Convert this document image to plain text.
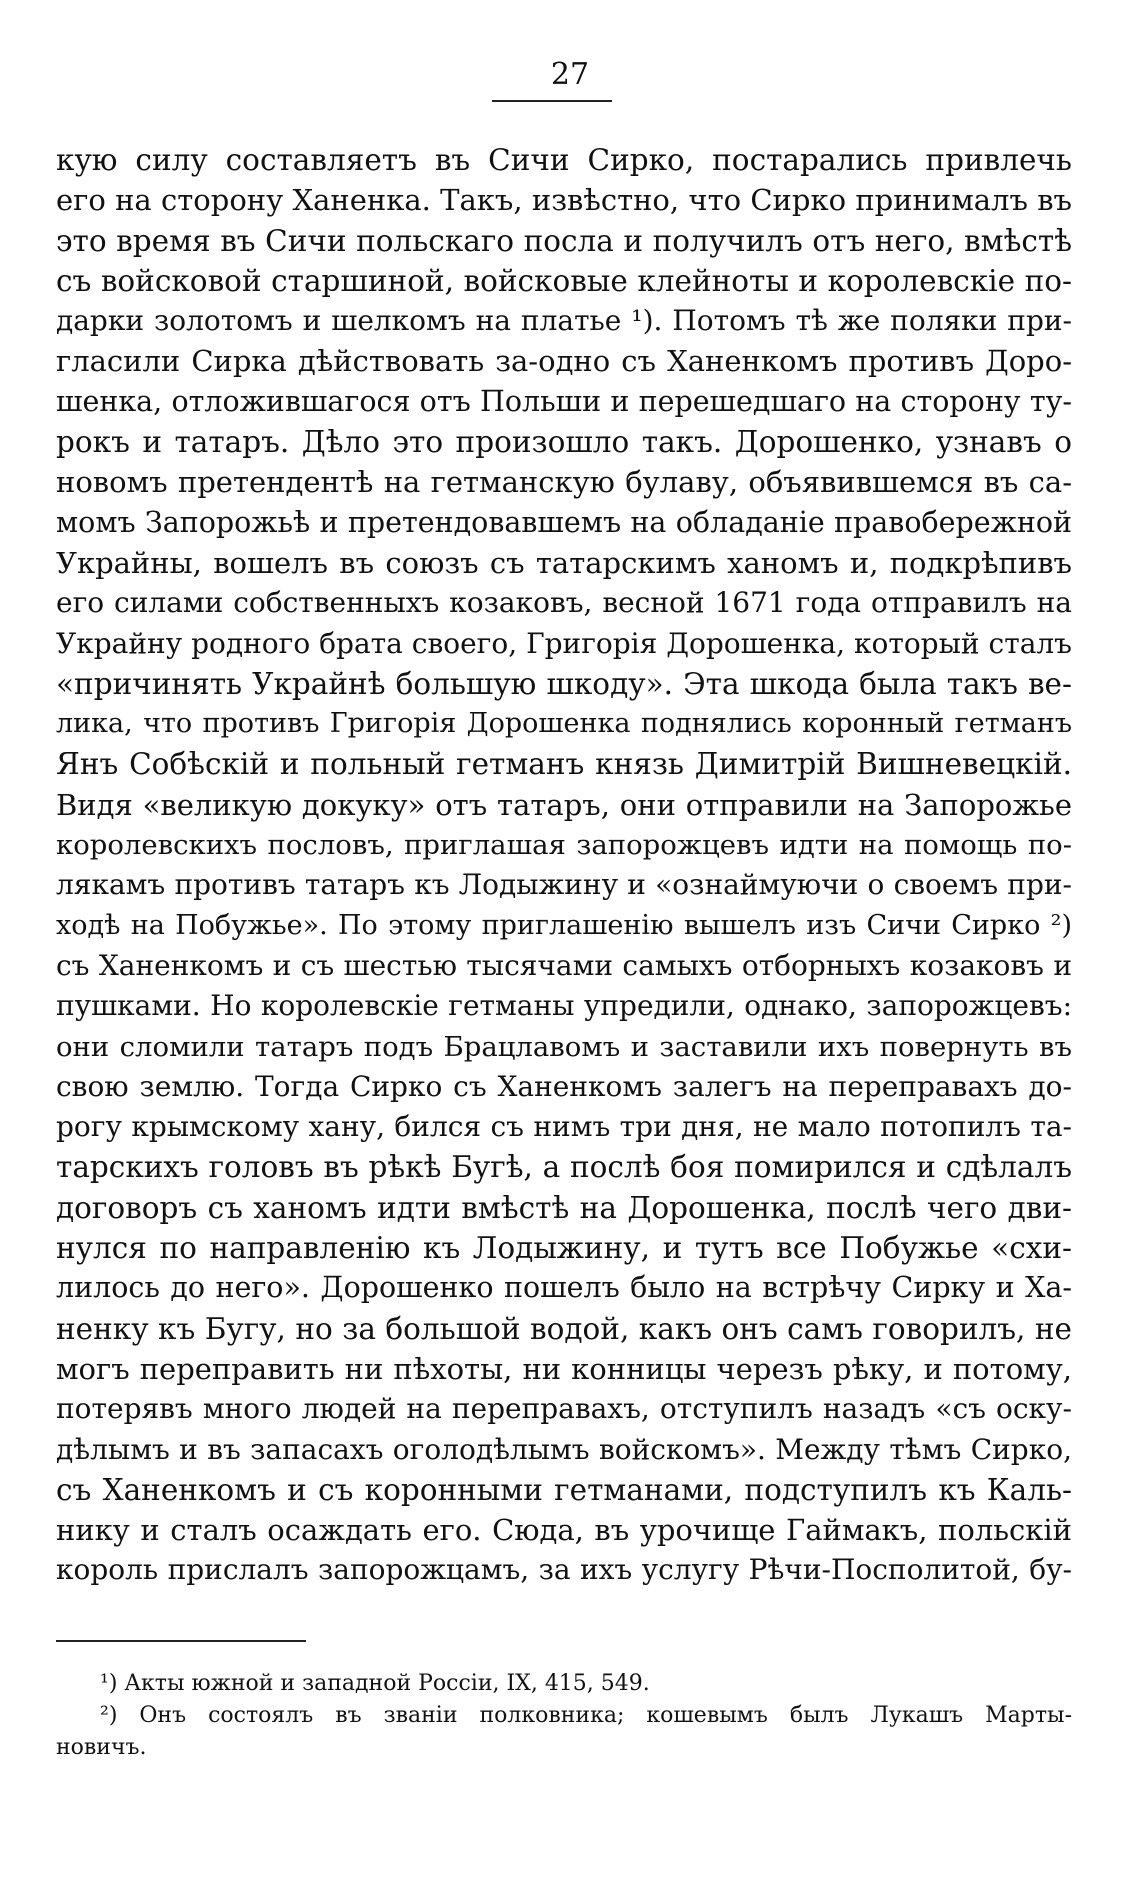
27
кую силу составляетъ въ Сичи Сирко, постарались привлечь
его на сторону Ханенка. Такъ, извѣстно, что Сирко принималъ въ
это время въ Сичи польскаго посла и получилъ отъ него, вмѣстѣ
съ войсковой старшиной, войсковые клейноты и королевскіе по-
дарки золотомъ и шелкомъ на платье ¹). Потомъ тѣ же поляки при-
гласили Сирка дѣйствовать за-одно съ Ханенкомъ противъ Доро-
шенка, отложившагося отъ Польши и перешедшаго на сторону ту-
рокъ и татаръ. Дѣло это произошло такъ. Дорошенко, узнавъ о
новомъ претендентѣ на гетманскую булаву, объявившемся въ са-
момъ Запорожьѣ и претендовавшемъ на обладаніе правобережной
Украйны, вошелъ въ союзъ съ татарскимъ ханомъ и, подкрѣпивъ
его силами собственныхъ козаковъ, весной 1671 года отправилъ на
Украйну родного брата своего, Григорія Дорошенка, который сталъ
«причинять Украйнѣ большую шкоду». Эта шкода была такъ ве-
лика, что противъ Григорія Дорошенка поднялись коронный гетманъ
Янъ Собѣскій и польный гетманъ князь Димитрій Вишневецкій.
Видя «великую докуку» отъ татаръ, они отправили на Запорожье
королевскихъ пословъ, приглашая запорожцевъ идти на помощь по-
лякамъ противъ татаръ къ Лодыжину и «ознаймуючи о своемъ при-
ходѣ на Побужье». По этому приглашенію вышелъ изъ Сичи Сирко ²)
съ Ханенкомъ и съ шестью тысячами самыхъ отборныхъ козаковъ и
пушками. Но королевскіе гетманы упредили, однако, запорожцевъ:
они сломили татаръ подъ Брацлавомъ и заставили ихъ повернуть въ
свою землю. Тогда Сирко съ Ханенкомъ залегъ на переправахъ до-
рогу крымскому хану, бился съ нимъ три дня, не мало потопилъ та-
тарскихъ головъ въ рѣкѣ Бугѣ, а послѣ боя помирился и сдѣлалъ
договоръ съ ханомъ идти вмѣстѣ на Дорошенка, послѣ чего дви-
нулся по направленію къ Лодыжину, и тутъ все Побужье «схи-
лилось до него». Дорошенко пошелъ было на встрѣчу Сирку и Ха-
ненку къ Бугу, но за большой водой, какъ онъ самъ говорилъ, не
могъ переправить ни пѣхоты, ни конницы черезъ рѣку, и потому,
потерявъ много людей на переправахъ, отступилъ назадъ «съ оску-
дѣлымъ и въ запасахъ оголодѣлымъ войскомъ». Между тѣмъ Сирко,
съ Ханенкомъ и съ коронными гетманами, подступилъ къ Каль-
нику и сталъ осаждать его. Сюда, въ урочище Гаймакъ, польскій
король прислалъ запорожцамъ, за ихъ услугу Рѣчи-Посполитой, бу-
¹) Акты южной и западной Россіи, IX, 415, 549.
²) Онъ состоялъ въ званіи полковника; кошевымъ былъ Лукашъ Марты-
новичъ.
